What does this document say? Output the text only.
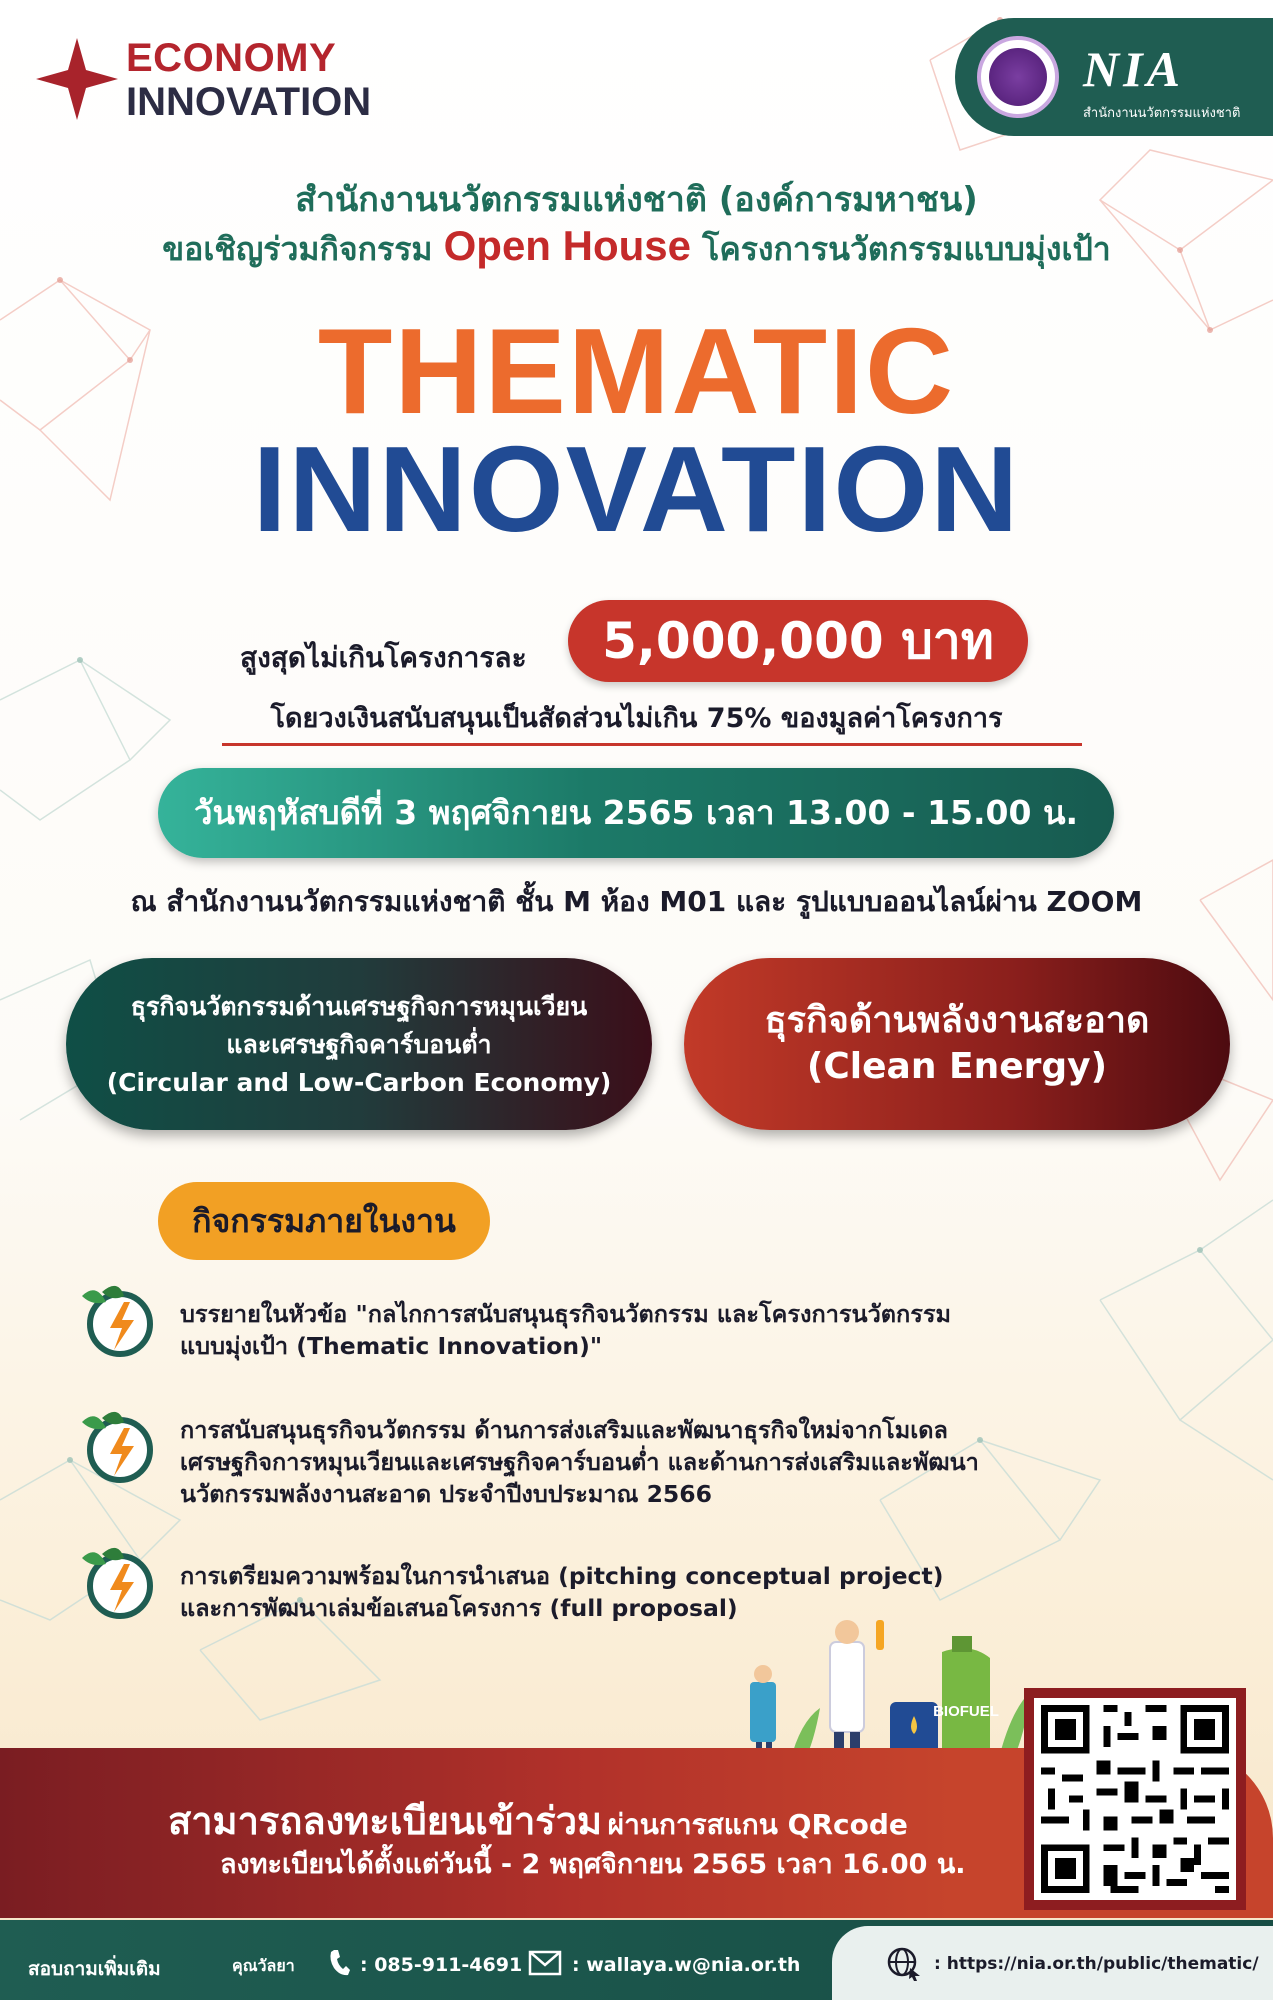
ECONOMY
INNOVATION
NIA
สำนักงานนวัตกรรมแห่งชาติ
สำนักงานนวัตกรรมแห่งชาติ (องค์การมหาชน)
ขอเชิญร่วมกิจกรรม Open House โครงการนวัตกรรมแบบมุ่งเป้า
THEMATIC
INNOVATION
สูงสุดไม่เกินโครงการละ	5,000,000 บาท
โดยวงเงินสนับสนุนเป็นสัดส่วนไม่เกิน 75% ของมูลค่าโครงการ
วันพฤหัสบดีที่ 3 พฤศจิกายน 2565 เวลา 13.00 - 15.00 น.
ณ สำนักงานนวัตกรรมแห่งชาติ ชั้น M ห้อง M01 และ รูปแบบออนไลน์ผ่าน ZOOM
ธุรกิจนวัตกรรมด้านเศรษฐกิจการหมุนเวียน
และเศรษฐกิจคาร์บอนต่ำ
(Circular and Low-Carbon Economy)
ธุรกิจด้านพลังงานสะอาด
(Clean Energy)
กิจกรรมภายในงาน
บรรยายในหัวข้อ "กลไกการสนับสนุนธุรกิจนวัตกรรม และโครงการนวัตกรรม
แบบมุ่งเป้า (Thematic Innovation)"
การสนับสนุนธุรกิจนวัตกรรม ด้านการส่งเสริมและพัฒนาธุรกิจใหม่จากโมเดล
เศรษฐกิจการหมุนเวียนและเศรษฐกิจคาร์บอนต่ำ และด้านการส่งเสริมและพัฒนา
นวัตกรรมพลังงานสะอาด ประจำปีงบประมาณ 2566
การเตรียมความพร้อมในการนำเสนอ (pitching conceptual project)
และการพัฒนาเล่มข้อเสนอโครงการ (full proposal)
BIOFUEL
สามารถลงทะเบียนเข้าร่วม ผ่านการสแกน QRcode
ลงทะเบียนได้ตั้งแต่วันนี้ - 2 พฤศจิกายน 2565 เวลา 16.00 น.
สอบถามเพิ่มเติม	คุณวัลยา	: 085-911-4691	: wallaya.w@nia.or.th	: https://nia.or.th/public/thematic/
